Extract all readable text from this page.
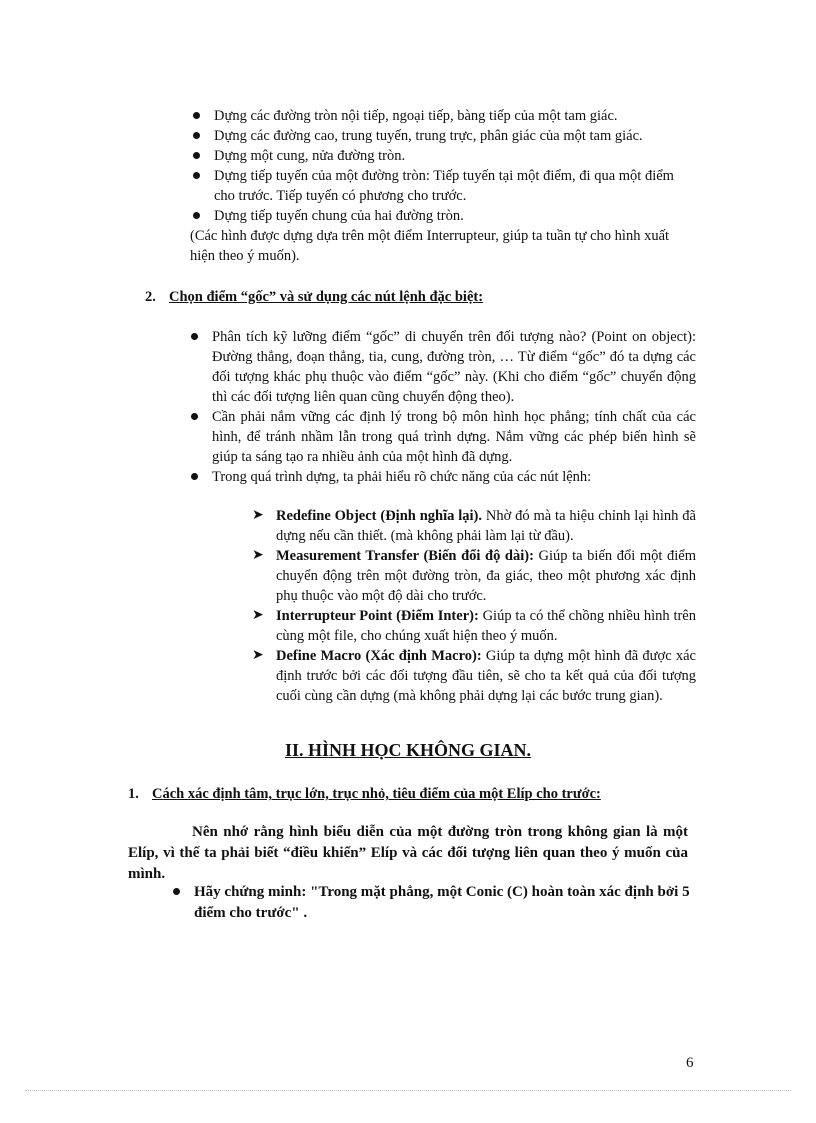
Dựng các đường tròn nội tiếp, ngoại tiếp, bàng tiếp của một tam giác.
Dựng các đường cao, trung tuyến, trung trực, phân giác của một tam giác.
Dựng một cung, nửa đường tròn.
Dựng tiếp tuyến của một đường tròn: Tiếp tuyến tại một điểm, đi qua một điểm cho trước. Tiếp tuyến có phương cho trước.
Dựng tiếp tuyến chung của hai đường tròn.
(Các hình được dựng dựa trên một điểm Interrupteur, giúp ta tuần tự cho hình xuất hiện theo ý muốn).
2. Chọn điểm “gốc” và sử dụng các nút lệnh đặc biệt:
Phân tích kỹ lưỡng điểm “gốc” di chuyển trên đối tượng nào? (Point on object): Đường thẳng, đoạn thẳng, tia, cung, đường tròn, … Từ điểm “gốc” đó ta dựng các đối tượng khác phụ thuộc vào điểm “gốc” này. (Khi cho điểm “gốc” chuyển động thì các đối tượng liên quan cũng chuyển động theo).
Cần phải nắm vững các định lý trong bộ môn hình học phẳng; tính chất của các hình, để tránh nhầm lẫn trong quá trình dựng. Nắm vững các phép biến hình sẽ giúp ta sáng tạo ra nhiều ảnh của một hình đã dựng.
Trong quá trình dựng, ta phải hiểu rõ chức năng của các nút lệnh:
➤ Redefine Object (Định nghĩa lại). Nhờ đó mà ta hiệu chỉnh lại hình đã dựng nếu cần thiết. (mà không phải làm lại từ đầu).
➤ Measurement Transfer (Biến đổi độ dài): Giúp ta biến đổi một điểm chuyển động trên một đường tròn, đa giác, theo một phương xác định phụ thuộc vào một độ dài cho trước.
➤ Interrupteur Point (Điểm Inter): Giúp ta có thể chồng nhiều hình trên cùng một file, cho chúng xuất hiện theo ý muốn.
➤ Define Macro (Xác định Macro): Giúp ta dựng một hình đã được xác định trước bởi các đối tượng đầu tiên, sẽ cho ta kết quả của đối tượng cuối cùng cần dựng (mà không phải dựng lại các bước trung gian).
II. HÌNH HỌC KHÔNG GIAN.
1. Cách xác định tâm, trục lớn, trục nhỏ, tiêu điểm của một Elíp cho trước:
Nên nhớ rằng hình biểu diễn của một đường tròn trong không gian là một Elíp, vì thế ta phải biết “điều khiển” Elíp và các đối tượng liên quan theo ý muốn của mình.
Hãy chứng minh: "Trong mặt phẳng, một Conic (C) hoàn toàn xác định bởi 5 điểm cho trước" .
6
